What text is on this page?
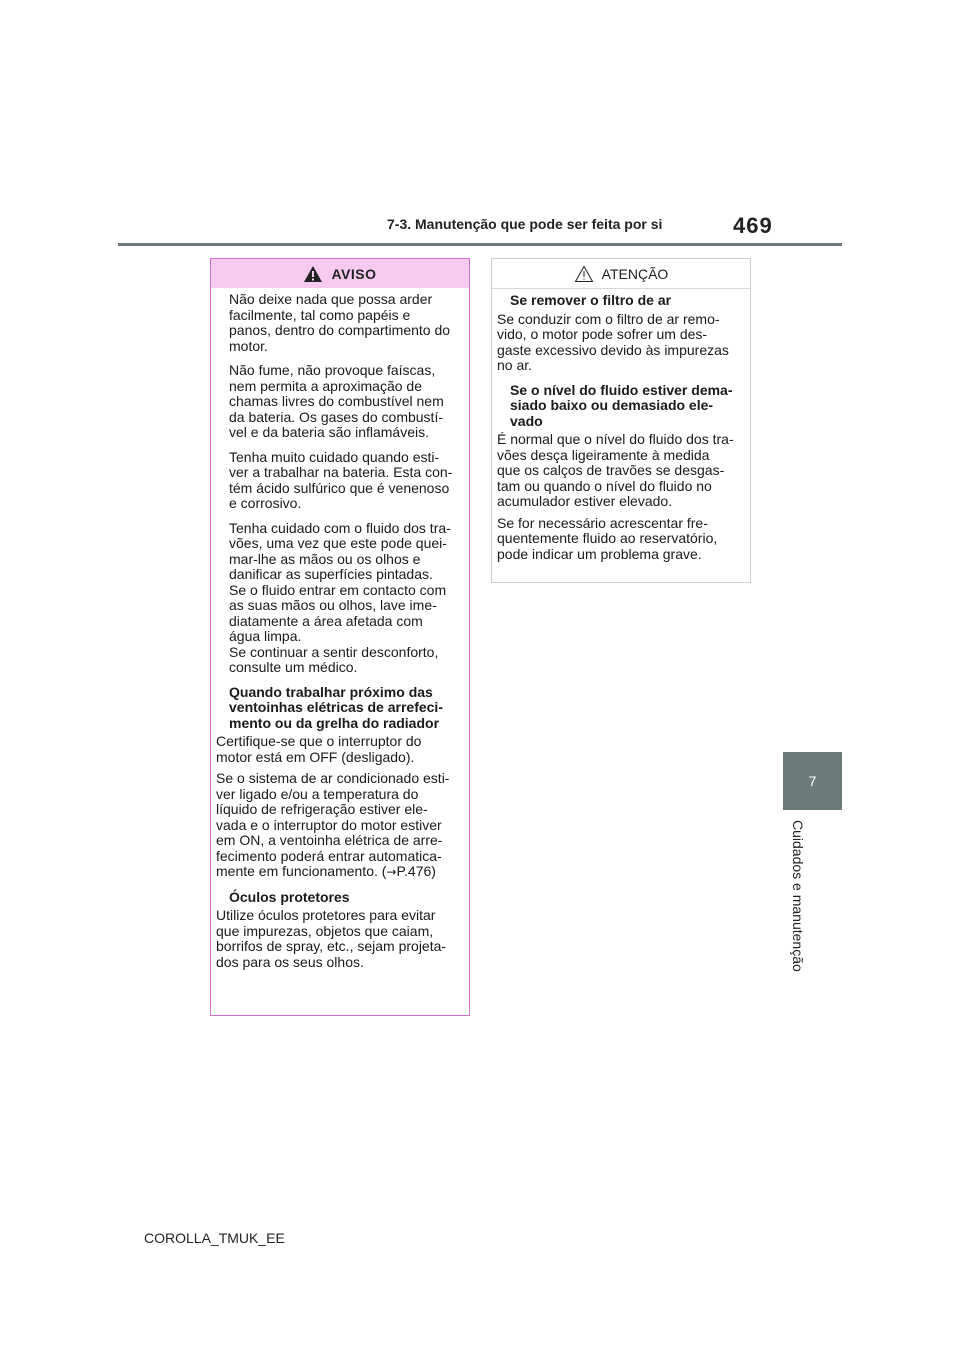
7-3. Manutenção que pode ser feita por si	469
7
Cuidados e manutenção
AVISO

Não deixe nada que possa arder
facilmente, tal como papéis e
panos, dentro do compartimento do
motor.

Não fume, não provoque faíscas,
nem permita a aproximação de
chamas livres do combustível nem
da bateria. Os gases do combustí-
vel e da bateria são inflamáveis.

Tenha muito cuidado quando esti-
ver a trabalhar na bateria. Esta con-
tém ácido sulfúrico que é venenoso
e corrosivo.

Tenha cuidado com o fluido dos tra-
vões, uma vez que este pode quei-
mar-lhe as mãos ou os olhos e
danificar as superfícies pintadas.
Se o fluido entrar em contacto com
as suas mãos ou olhos, lave ime-
diatamente a área afetada com
água limpa.
Se continuar a sentir desconforto,
consulte um médico.

Quando trabalhar próximo das
ventoinhas elétricas de arrefeci-
mento ou da grelha do radiador

Certifique-se que o interruptor do
motor está em OFF (desligado).

Se o sistema de ar condicionado esti-
ver ligado e/ou a temperatura do
líquido de refrigeração estiver ele-
vada e o interruptor do motor estiver
em ON, a ventoinha elétrica de arre-
fecimento poderá entrar automatica-
mente em funcionamento. (→P.476)

Óculos protetores

Utilize óculos protetores para evitar
que impurezas, objetos que caiam,
borrifos de spray, etc., sejam projeta-
dos para os seus olhos.

ATENÇÃO

Se remover o filtro de ar

Se conduzir com o filtro de ar remo-
vido, o motor pode sofrer um des-
gaste excessivo devido às impurezas
no ar.

Se o nível do fluido estiver dema-
siado baixo ou demasiado ele-
vado

É normal que o nível do fluido dos tra-
vões desça ligeiramente à medida
que os calços de travões se desgas-
tam ou quando o nível do fluido no
acumulador estiver elevado.

Se for necessário acrescentar fre-
quentemente fluido ao reservatório,
pode indicar um problema grave.

COROLLA_TMUK_EE
